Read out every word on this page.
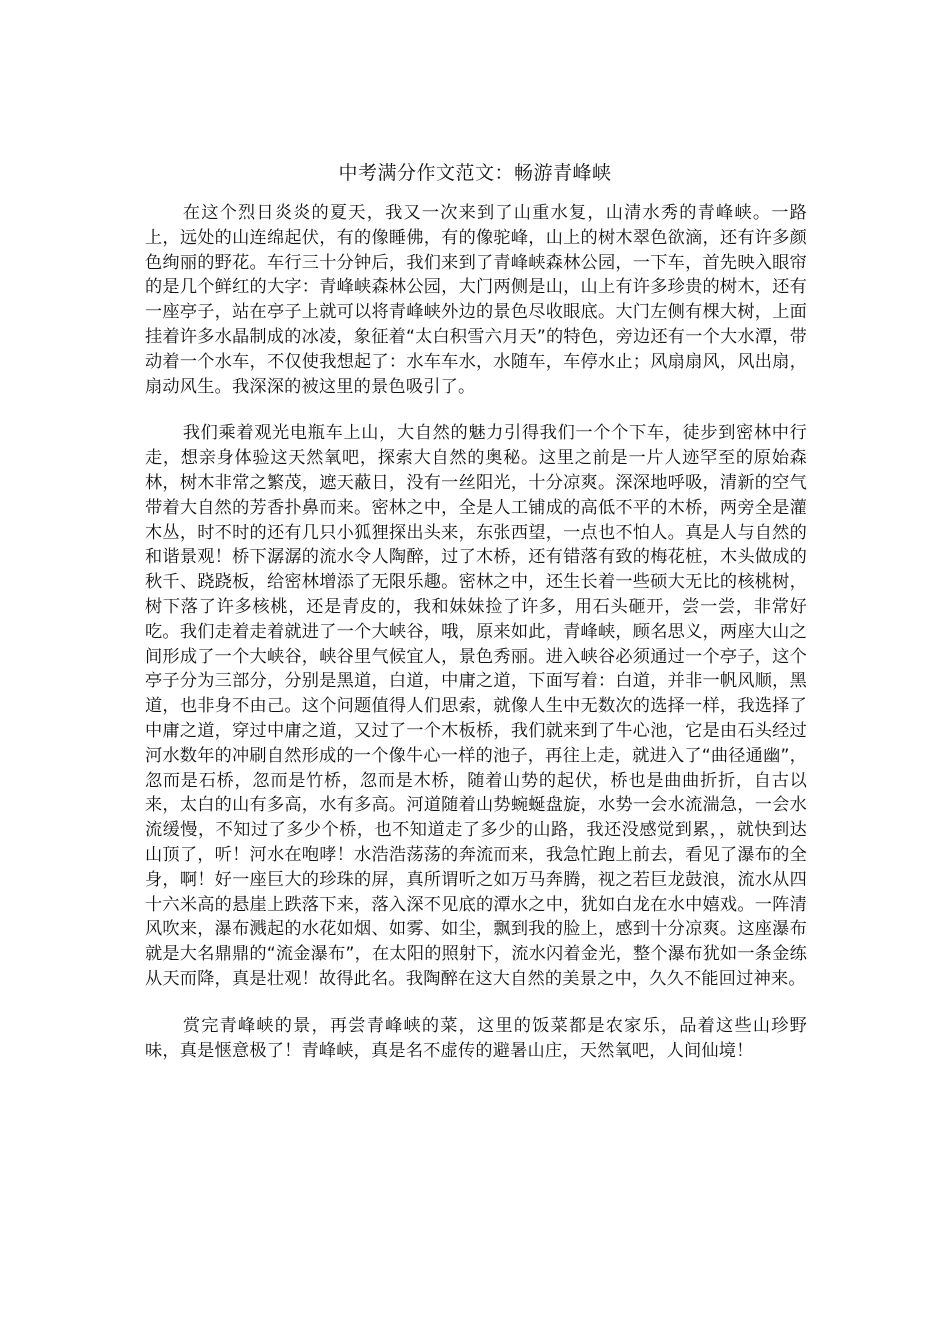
中考满分作文范文：畅游青峰峡

在这个烈日炎炎的夏天，我又一次来到了山重水复，山清水秀的青峰峡。一路上，远处的山连绵起伏，有的像睡佛，有的像驼峰，山上的树木翠色欲滴，还有许多颜色绚丽的野花。车行三十分钟后，我们来到了青峰峡森林公园，一下车，首先映入眼帘的是几个鲜红的大字：青峰峡森林公园，大门两侧是山，山上有许多珍贵的树木，还有一座亭子，站在亭子上就可以将青峰峡外边的景色尽收眼底。大门左侧有棵大树，上面挂着许多水晶制成的冰凌，象征着“太白积雪六月天”的特色，旁边还有一个大水潭，带动着一个水车，不仅使我想起了：水车车水，水随车，车停水止；风扇扇风，风出扇，扇动风生。我深深的被这里的景色吸引了。

我们乘着观光电瓶车上山，大自然的魅力引得我们一个个下车，徒步到密林中行走，想亲身体验这天然氧吧，探索大自然的奥秘。这里之前是一片人迹罕至的原始森林，树木非常之繁茂，遮天蔽日，没有一丝阳光，十分凉爽。深深地呼吸，清新的空气带着大自然的芳香扑鼻而来。密林之中，全是人工铺成的高低不平的木桥，两旁全是灌木丛，时不时的还有几只小狐狸探出头来，东张西望，一点也不怕人。真是人与自然的和谐景观！桥下潺潺的流水令人陶醉，过了木桥，还有错落有致的梅花桩，木头做成的秋千、跷跷板，给密林增添了无限乐趣。密林之中，还生长着一些硕大无比的核桃树，树下落了许多核桃，还是青皮的，我和妹妹捡了许多，用石头砸开，尝一尝，非常好吃。我们走着走着就进了一个大峡谷，哦，原来如此，青峰峡，顾名思义，两座大山之间形成了一个大峡谷，峡谷里气候宜人，景色秀丽。进入峡谷必须通过一个亭子，这个亭子分为三部分，分别是黑道，白道，中庸之道，下面写着：白道，并非一帆风顺，黑道，也非身不由己。这个问题值得人们思索，就像人生中无数次的选择一样，我选择了中庸之道，穿过中庸之道，又过了一个木板桥，我们就来到了牛心池，它是由石头经过河水数年的冲刷自然形成的一个像牛心一样的池子，再往上走，就进入了“曲径通幽”，忽而是石桥，忽而是竹桥，忽而是木桥，随着山势的起伏，桥也是曲曲折折，自古以来，太白的山有多高，水有多高。河道随着山势蜿蜒盘旋，水势一会水流湍急，一会水流缓慢，不知过了多少个桥，也不知道走了多少的山路，我还没感觉到累，，就快到达山顶了，听！河水在咆哮！水浩浩荡荡的奔流而来，我急忙跑上前去，看见了瀑布的全身，啊！好一座巨大的珍珠的屏，真所谓听之如万马奔腾，视之若巨龙鼓浪，流水从四十六米高的悬崖上跌落下来，落入深不见底的潭水之中，犹如白龙在水中嬉戏。一阵清风吹来，瀑布溅起的水花如烟、如雾、如尘，飘到我的脸上，感到十分凉爽。这座瀑布就是大名鼎鼎的“流金瀑布”，在太阳的照射下，流水闪着金光，整个瀑布犹如一条金练从天而降，真是壮观！故得此名。我陶醉在这大自然的美景之中，久久不能回过神来。

赏完青峰峡的景，再尝青峰峡的菜，这里的饭菜都是农家乐，品着这些山珍野味，真是惬意极了！青峰峡，真是名不虚传的避暑山庄，天然氧吧，人间仙境！
